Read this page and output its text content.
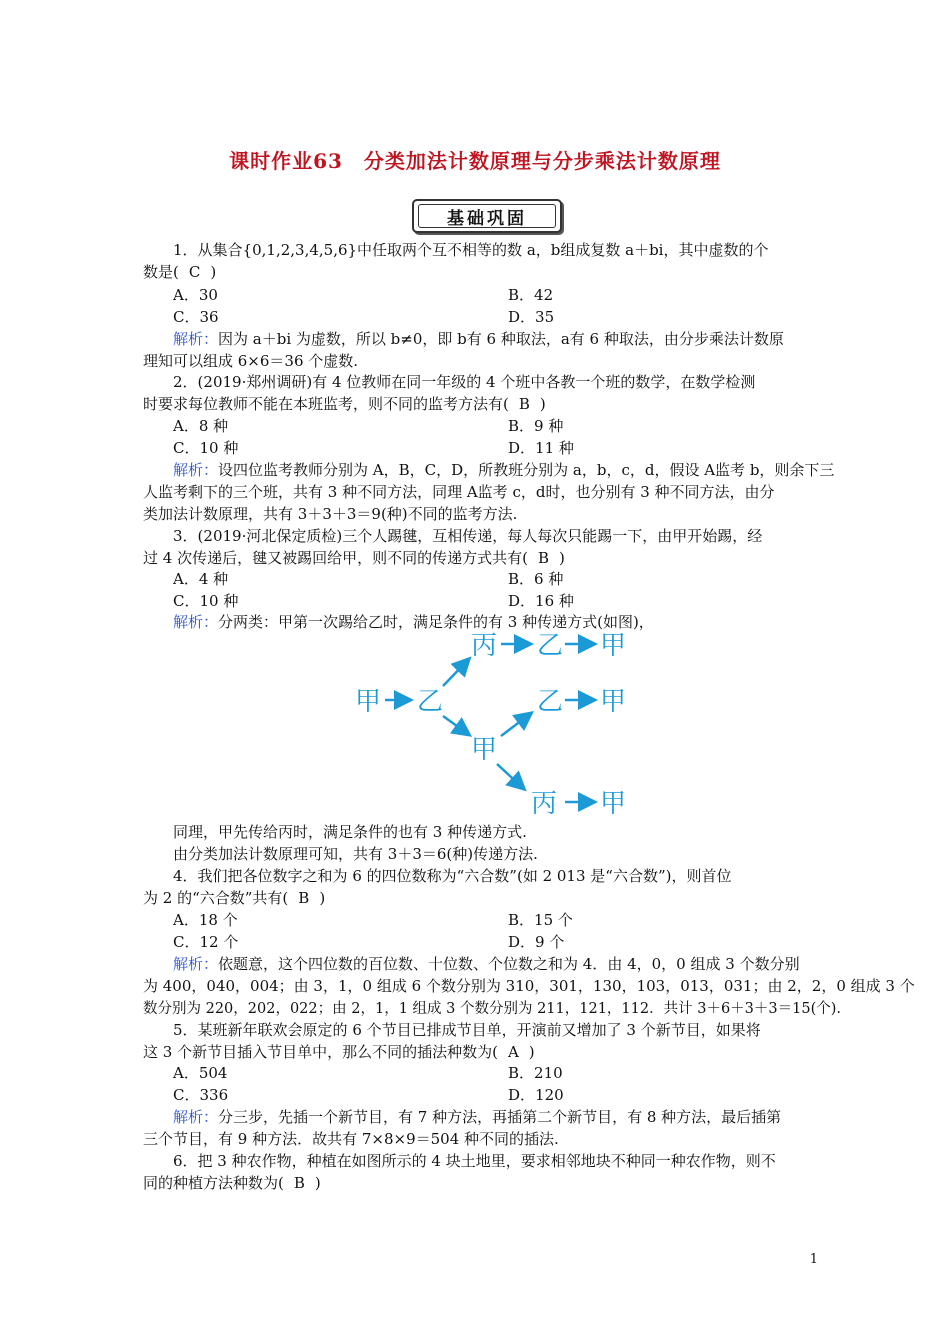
课时作业63　分类加法计数原理与分步乘法计数原理
基础巩固
1．从集合{0,1,2,3,4,5,6}中任取两个互不相等的数 a，b组成复数 a＋bi，其中虚数的个
数是( C )
A．30	B．42
C．36	D．35
解析：因为 a＋bi 为虚数，所以 b≠0，即 b有 6 种取法，a有 6 种取法，由分步乘法计数原
理知可以组成 6×6＝36 个虚数.
2．(2019·郑州调研)有 4 位教师在同一年级的 4 个班中各教一个班的数学，在数学检测
时要求每位教师不能在本班监考，则不同的监考方法有( B )
A．8 种	B．9 种
C．10 种	D．11 种
解析：设四位监考教师分别为 A，B，C，D，所教班分别为 a，b，c，d，假设 A监考 b，则余下三
人监考剩下的三个班，共有 3 种不同方法，同理 A监考 c，d时，也分别有 3 种不同方法，由分
类加法计数原理，共有 3＋3＋3＝9(种)不同的监考方法.
3．(2019·河北保定质检)三个人踢毽，互相传递，每人每次只能踢一下，由甲开始踢，经
过 4 次传递后，毽又被踢回给甲，则不同的传递方式共有( B )
A．4 种	B．6 种
C．10 种	D．16 种
解析：分两类：甲第一次踢给乙时，满足条件的有 3 种传递方式(如图)，
甲 乙
丙 乙 甲
乙 甲
甲
丙 甲
同理，甲先传给丙时，满足条件的也有 3 种传递方式.
由分类加法计数原理可知，共有 3＋3＝6(种)传递方法.
4．我们把各位数字之和为 6 的四位数称为“六合数”(如 2 013 是“六合数”)，则首位
为 2 的“六合数”共有( B )
A．18 个	B．15 个
C．12 个	D．9 个
解析：依题意，这个四位数的百位数、十位数、个位数之和为 4．由 4，0，0 组成 3 个数分别
为 400，040，004；由 3，1，0 组成 6 个数分别为 310，301，130，103，013，031；由 2，2，0 组成 3 个
数分别为 220，202，022；由 2，1，1 组成 3 个数分别为 211，121，112．共计 3＋6＋3＋3＝15(个).
5．某班新年联欢会原定的 6 个节目已排成节目单，开演前又增加了 3 个新节目，如果将
这 3 个新节目插入节目单中，那么不同的插法种数为( A )
A．504	B．210
C．336	D．120
解析：分三步，先插一个新节目，有 7 种方法，再插第二个新节目，有 8 种方法，最后插第
三个节目，有 9 种方法．故共有 7×8×9＝504 种不同的插法.
6．把 3 种农作物，种植在如图所示的 4 块土地里，要求相邻地块不种同一种农作物，则不
同的种植方法种数为( B )
1
